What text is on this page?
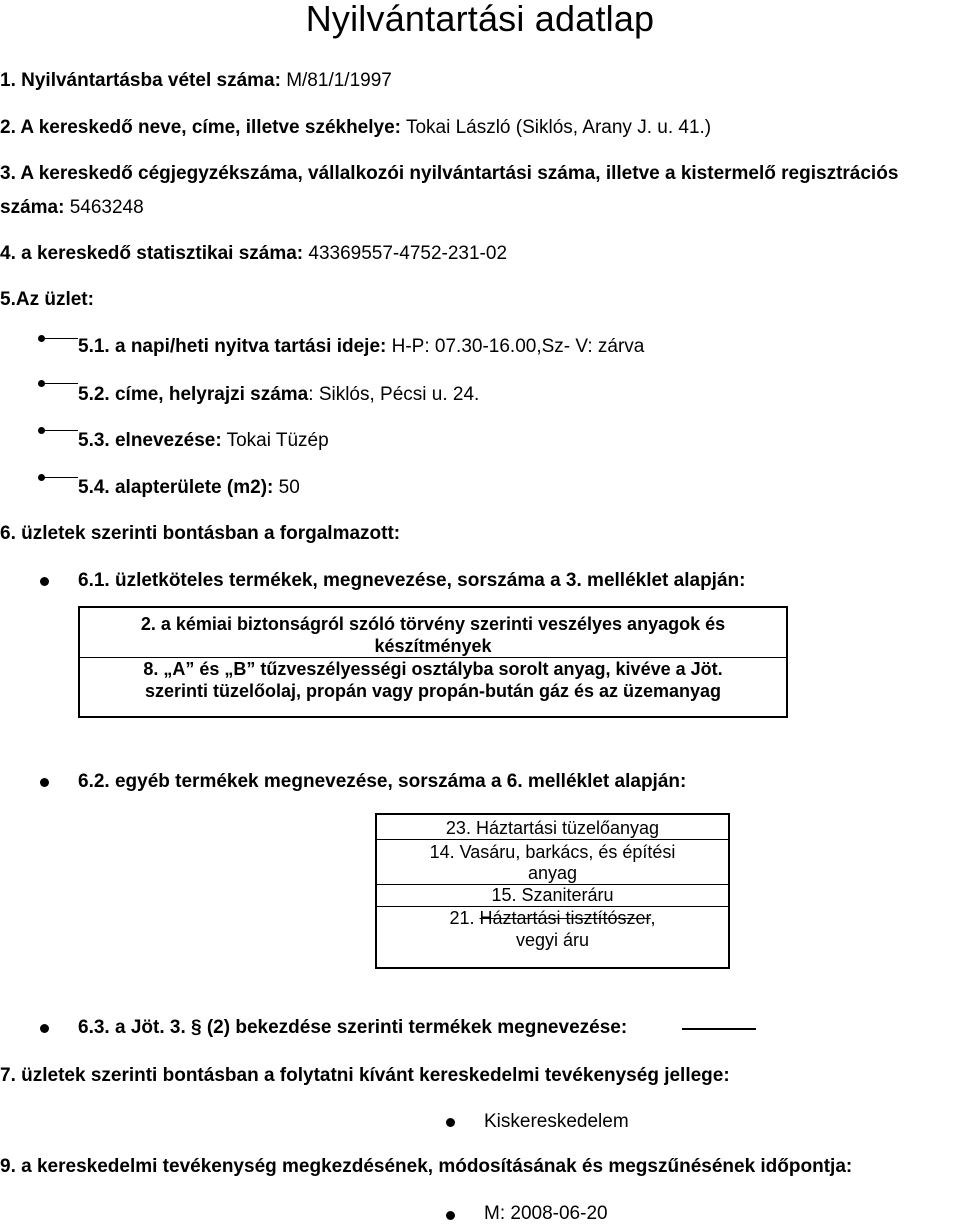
Nyilvántartási adatlap
1. Nyilvántartásba vétel száma: M/81/1/1997
2. A kereskedő neve, címe, illetve székhelye: Tokai László (Siklós, Arany J. u. 41.)
3. A kereskedő cégjegyzékszáma, vállalkozói nyilvántartási száma, illetve a kistermelő regisztrációs
száma: 5463248
4. a kereskedő statisztikai száma: 43369557-4752-231-02
5.Az üzlet:
5.1. a napi/heti nyitva tartási ideje: H-P: 07.30-16.00,Sz- V: zárva
5.2. címe, helyrajzi száma: Siklós, Pécsi u. 24.
5.3. elnevezése: Tokai Tüzép
5.4. alapterülete (m2): 50
6. üzletek szerinti bontásban a forgalmazott:
6.1. üzletköteles termékek, megnevezése, sorszáma a 3. melléklet alapján:
2. a kémiai biztonságról szóló törvény szerinti veszélyes anyagok és
készítmények
8. „A” és „B” tűzveszélyességi osztályba sorolt anyag, kivéve a Jöt.
szerinti tüzelőolaj, propán vagy propán-bután gáz és az üzemanyag
6.2. egyéb termékek megnevezése, sorszáma a 6. melléklet alapján:
23. Háztartási tüzelőanyag
14. Vasáru, barkács, és építési
anyag
15. Szaniteráru
21. Háztartási tisztítószer,
vegyi áru
6.3. a Jöt. 3. § (2) bekezdése szerinti termékek megnevezése:
7. üzletek szerinti bontásban a folytatni kívánt kereskedelmi tevékenység jellege:
Kiskereskedelem
9. a kereskedelmi tevékenység megkezdésének, módosításának és megszűnésének időpontja:
M: 2008-06-20
